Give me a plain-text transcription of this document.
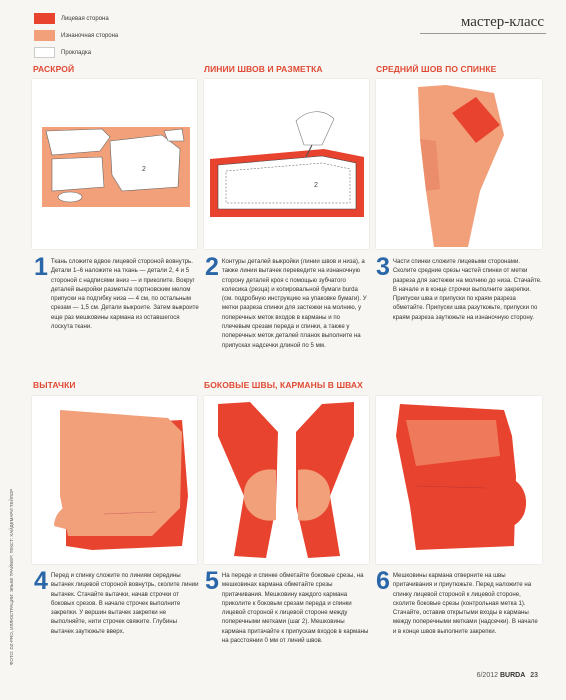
Лицевая сторона
Изнаночная сторона
Прокладка
мастер-класс
РАСКРОЙ	ЛИНИИ ШВОВ И РАЗМЕТКА	СРЕДНИЙ ШОВ ПО СПИНКЕ
2
2
1 Ткань сложите вдвое лицевой стороной вовнутрь. Детали 1–6 наложите на ткань — детали 2, 4 и 5 стороной с надписями вниз — и приколите. Вокруг деталей выкройки разметьте портновским мелом припуски на подгибку низа — 4 см, по остальным срезам — 1,5 см. Детали выкроите. Затем выкроите еще раз мешковины кармана из оставшегося лоскута ткани.
2 Контуры деталей выкройки (линии швов и низа), а также линии вытачек переведите на изнаночную сторону деталей кроя с помощью зубчатого колесика (резца) и копировальной бумаги burda (см. подробную инструкцию на упаковке бумаги). У метки разреза спинки для застежки на молнию, у поперечных меток входов в карманы и по плечевым срезам переда и спинки, а также у поперечных меток деталей планок выполните на припусках надсечки длиной по 5 мм.
3 Части спинки сложите лицевыми сторонами. Сколите средние срезы частей спинки от метки разреза для застежки на молнию до низа. Стачайте. В начале и в конце строчки выполните закрепки. Припуски шва и припуски по краям разреза обметайте. Припуски шва разутюжьте, припуски по краям разреза заутюжьте на изнаночную сторону.
ВЫТАЧКИ	БОКОВЫЕ ШВЫ, КАРМАНЫ В ШВАХ
4 Перед и спинку сложите по линиям середины вытачек лицевой стороной вовнутрь, сколите линии вытачек. Стачайте вытачки, начав строчки от боковых срезов. В начале строчек выполните закрепки. У вершин вытачек закрепки не выполняйте, нити строчек свяжите. Глубины вытачек заутюжьте вверх.
5 На переде и спинке обметайте боковые срезы, на мешковинах кармана обметайте срезы притачивания. Мешковину каждого кармана приколите к боковым срезам переда и спинки лицевой стороной к лицевой стороне между поперечными метками (шаг 2). Мешковины кармана притачайте к припускам входов в карманы на расстоянии 0 мм от линий швов.
6 Мешковины кармана отверните на швы притачивания и приутюжьте. Перед наложите на спинку лицевой стороной к лицевой стороне, сколите боковые срезы (контрольная метка 1). Стачайте, оставив открытыми входы в карманы между поперечными метками (надсечки). В начале и в конце швов выполните закрепки.
ФОТО: DZ-PRO, ИЛЛЮСТРАЦИИ: ЭЛЬКЕ ТРАЙБЕР; ТЕКСТ: ХАЙДЕМАРИ ТЕЙЛОР
6/2012 BURDA 23
